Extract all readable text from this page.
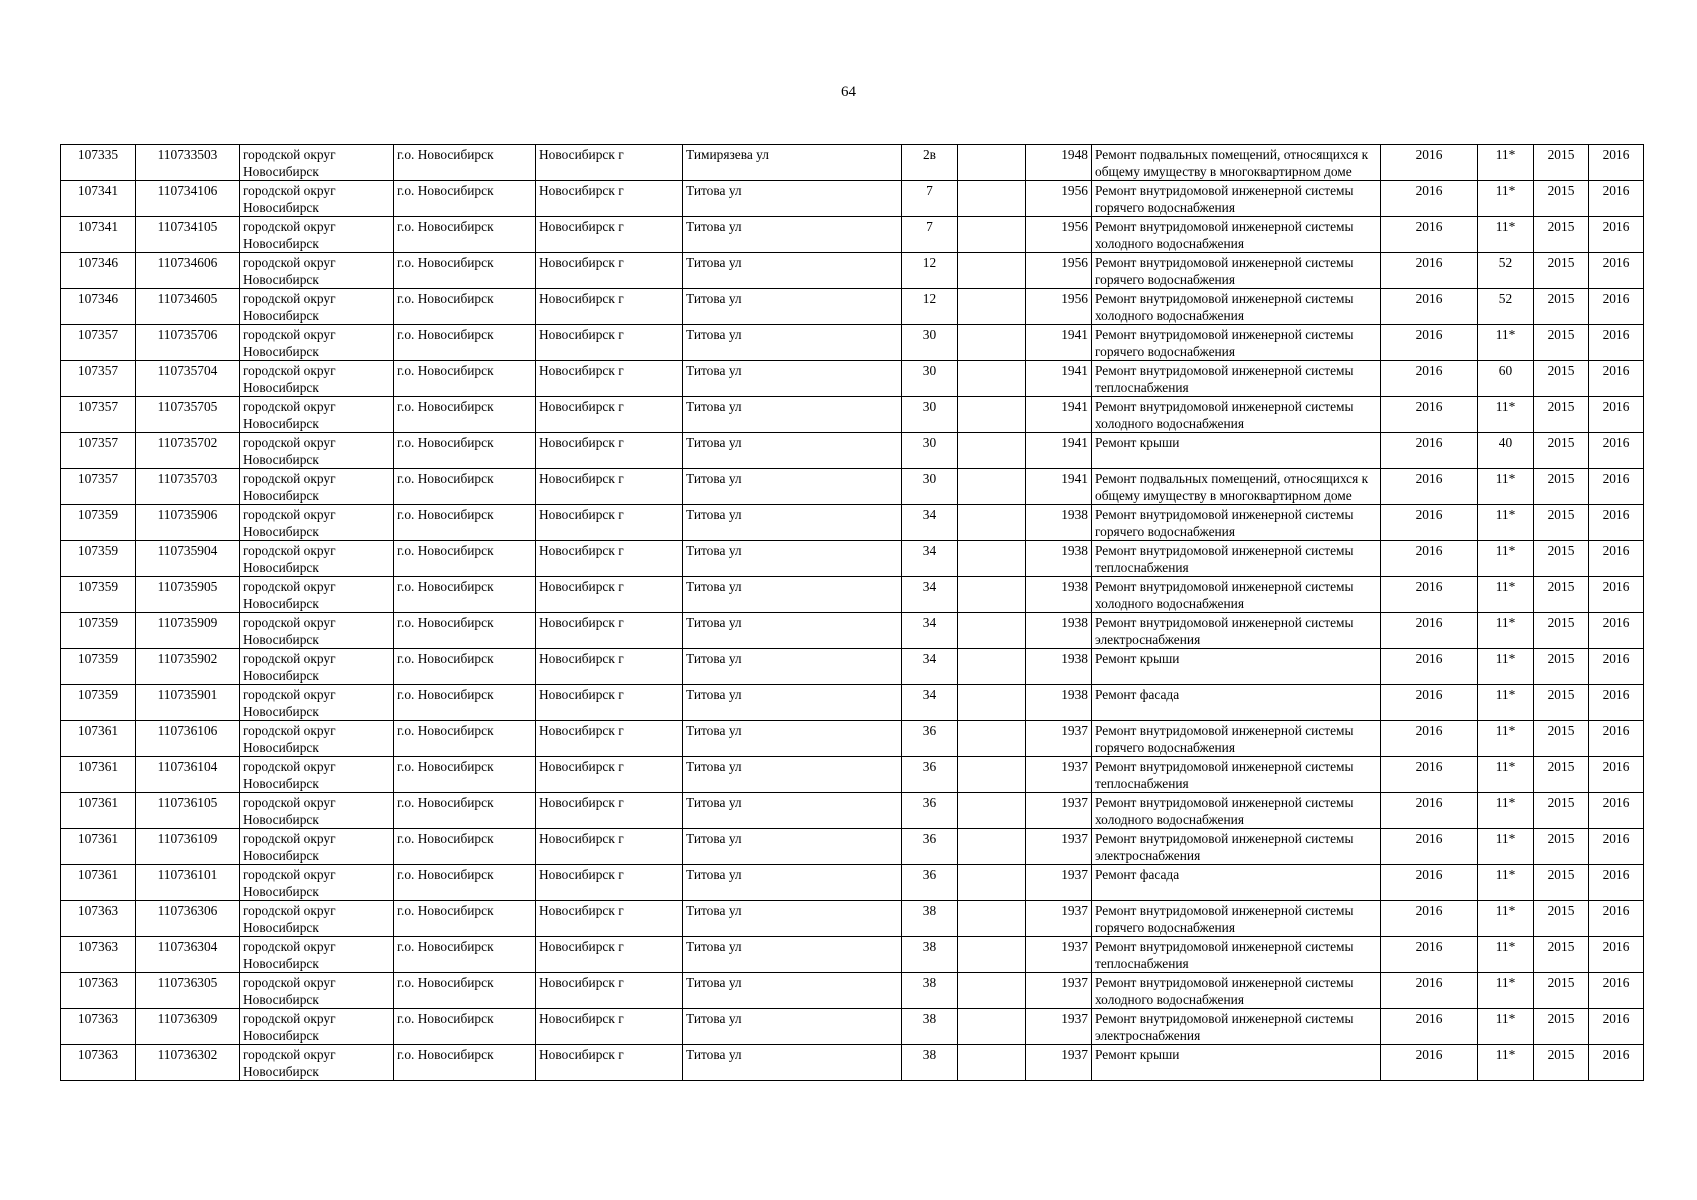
64
107335	110733503	городской округ Новосибирск	г.о. Новосибирск	Новосибирск г	Тимирязева ул	2в		1948	Ремонт подвальных помещений, относящихся к общему имуществу в многоквартирном доме	2016	11*	2015	2016
107341	110734106	городской округ Новосибирск	г.о. Новосибирск	Новосибирск г	Титова ул	7		1956	Ремонт внутридомовой инженерной системы горячего водоснабжения	2016	11*	2015	2016
107341	110734105	городской округ Новосибирск	г.о. Новосибирск	Новосибирск г	Титова ул	7		1956	Ремонт внутридомовой инженерной системы холодного водоснабжения	2016	11*	2015	2016
107346	110734606	городской округ Новосибирск	г.о. Новосибирск	Новосибирск г	Титова ул	12		1956	Ремонт внутридомовой инженерной системы горячего водоснабжения	2016	52	2015	2016
107346	110734605	городской округ Новосибирск	г.о. Новосибирск	Новосибирск г	Титова ул	12		1956	Ремонт внутридомовой инженерной системы холодного водоснабжения	2016	52	2015	2016
107357	110735706	городской округ Новосибирск	г.о. Новосибирск	Новосибирск г	Титова ул	30		1941	Ремонт внутридомовой инженерной системы горячего водоснабжения	2016	11*	2015	2016
107357	110735704	городской округ Новосибирск	г.о. Новосибирск	Новосибирск г	Титова ул	30		1941	Ремонт внутридомовой инженерной системы теплоснабжения	2016	60	2015	2016
107357	110735705	городской округ Новосибирск	г.о. Новосибирск	Новосибирск г	Титова ул	30		1941	Ремонт внутридомовой инженерной системы холодного водоснабжения	2016	11*	2015	2016
107357	110735702	городской округ Новосибирск	г.о. Новосибирск	Новосибирск г	Титова ул	30		1941	Ремонт крыши	2016	40	2015	2016
107357	110735703	городской округ Новосибирск	г.о. Новосибирск	Новосибирск г	Титова ул	30		1941	Ремонт подвальных помещений, относящихся к общему имуществу в многоквартирном доме	2016	11*	2015	2016
107359	110735906	городской округ Новосибирск	г.о. Новосибирск	Новосибирск г	Титова ул	34		1938	Ремонт внутридомовой инженерной системы горячего водоснабжения	2016	11*	2015	2016
107359	110735904	городской округ Новосибирск	г.о. Новосибирск	Новосибирск г	Титова ул	34		1938	Ремонт внутридомовой инженерной системы теплоснабжения	2016	11*	2015	2016
107359	110735905	городской округ Новосибирск	г.о. Новосибирск	Новосибирск г	Титова ул	34		1938	Ремонт внутридомовой инженерной системы холодного водоснабжения	2016	11*	2015	2016
107359	110735909	городской округ Новосибирск	г.о. Новосибирск	Новосибирск г	Титова ул	34		1938	Ремонт внутридомовой инженерной системы электроснабжения	2016	11*	2015	2016
107359	110735902	городской округ Новосибирск	г.о. Новосибирск	Новосибирск г	Титова ул	34		1938	Ремонт крыши	2016	11*	2015	2016
107359	110735901	городской округ Новосибирск	г.о. Новосибирск	Новосибирск г	Титова ул	34		1938	Ремонт фасада	2016	11*	2015	2016
107361	110736106	городской округ Новосибирск	г.о. Новосибирск	Новосибирск г	Титова ул	36		1937	Ремонт внутридомовой инженерной системы горячего водоснабжения	2016	11*	2015	2016
107361	110736104	городской округ Новосибирск	г.о. Новосибирск	Новосибирск г	Титова ул	36		1937	Ремонт внутридомовой инженерной системы теплоснабжения	2016	11*	2015	2016
107361	110736105	городской округ Новосибирск	г.о. Новосибирск	Новосибирск г	Титова ул	36		1937	Ремонт внутридомовой инженерной системы холодного водоснабжения	2016	11*	2015	2016
107361	110736109	городской округ Новосибирск	г.о. Новосибирск	Новосибирск г	Титова ул	36		1937	Ремонт внутридомовой инженерной системы электроснабжения	2016	11*	2015	2016
107361	110736101	городской округ Новосибирск	г.о. Новосибирск	Новосибирск г	Титова ул	36		1937	Ремонт фасада	2016	11*	2015	2016
107363	110736306	городской округ Новосибирск	г.о. Новосибирск	Новосибирск г	Титова ул	38		1937	Ремонт внутридомовой инженерной системы горячего водоснабжения	2016	11*	2015	2016
107363	110736304	городской округ Новосибирск	г.о. Новосибирск	Новосибирск г	Титова ул	38		1937	Ремонт внутридомовой инженерной системы теплоснабжения	2016	11*	2015	2016
107363	110736305	городской округ Новосибирск	г.о. Новосибирск	Новосибирск г	Титова ул	38		1937	Ремонт внутридомовой инженерной системы холодного водоснабжения	2016	11*	2015	2016
107363	110736309	городской округ Новосибирск	г.о. Новосибирск	Новосибирск г	Титова ул	38		1937	Ремонт внутридомовой инженерной системы электроснабжения	2016	11*	2015	2016
107363	110736302	городской округ Новосибирск	г.о. Новосибирск	Новосибирск г	Титова ул	38		1937	Ремонт крыши	2016	11*	2015	2016
